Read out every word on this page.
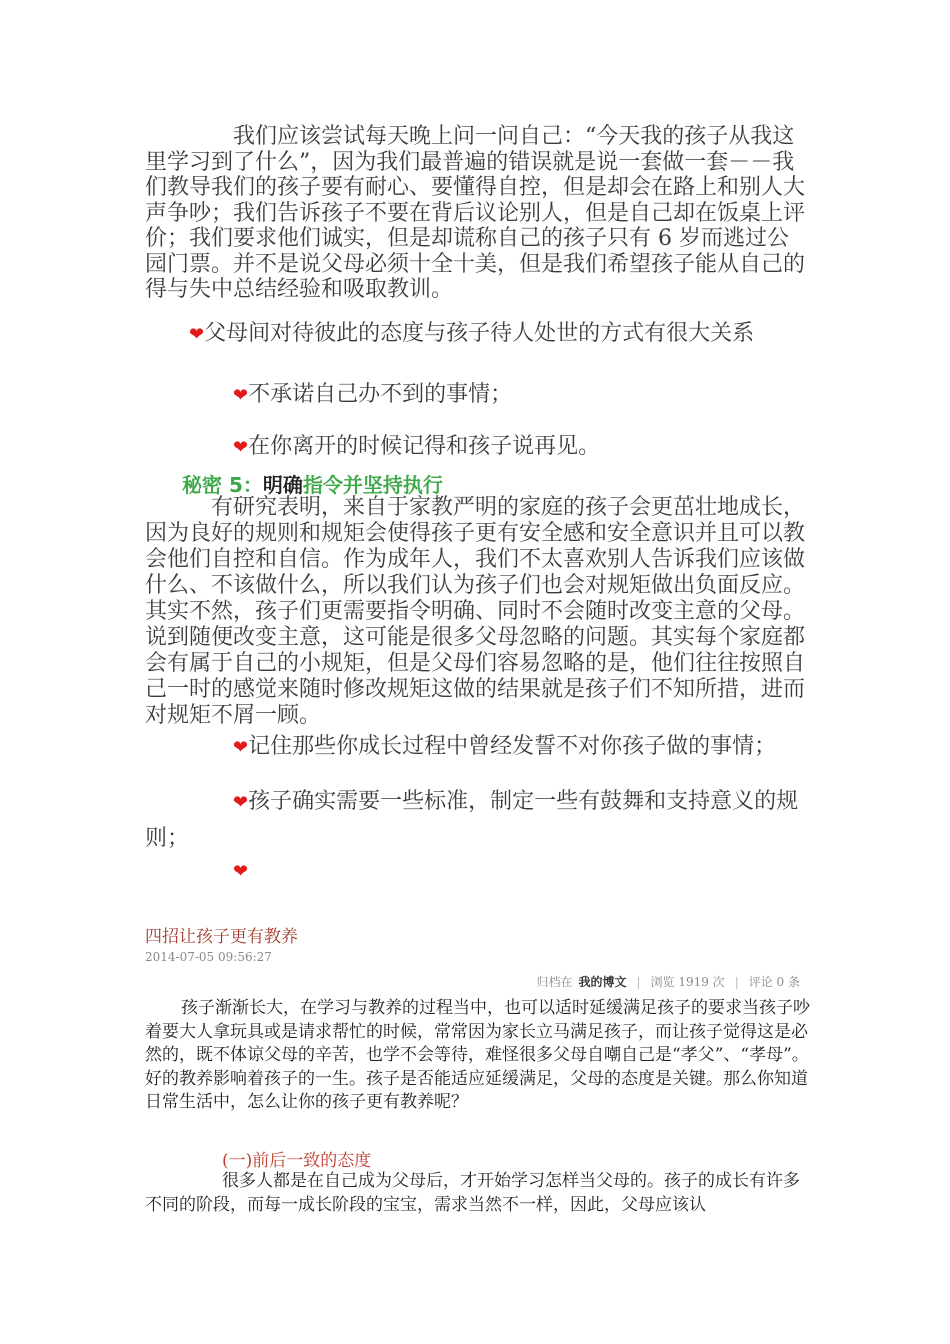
我们应该尝试每天晚上问一问自己：“今天我的孩子从我这里学习到了什么”，因为我们最普遍的错误就是说一套做一套－－我们教导我们的孩子要有耐心、要懂得自控，但是却会在路上和别人大声争吵；我们告诉孩子不要在背后议论别人，但是自己却在饭桌上评价；我们要求他们诚实，但是却谎称自己的孩子只有 6 岁而逃过公园门票。并不是说父母必须十全十美，但是我们希望孩子能从自己的得与失中总结经验和吸取教训。

❤父母间对待彼此的态度与孩子待人处世的方式有很大关系

❤不承诺自己办不到的事情；

❤在你离开的时候记得和孩子说再见。

秘密 5：明确指令并坚持执行

有研究表明，来自于家教严明的家庭的孩子会更茁壮地成长，因为良好的规则和规矩会使得孩子更有安全感和安全意识并且可以教会他们自控和自信。作为成年人，我们不太喜欢别人告诉我们应该做什么、不该做什么，所以我们认为孩子们也会对规矩做出负面反应。其实不然，孩子们更需要指令明确、同时不会随时改变主意的父母。说到随便改变主意，这可能是很多父母忽略的问题。其实每个家庭都会有属于自己的小规矩，但是父母们容易忽略的是，他们往往按照自己一时的感觉来随时修改规矩这做的结果就是孩子们不知所措，进而对规矩不屑一顾。

❤记住那些你成长过程中曾经发誓不对你孩子做的事情；

❤孩子确实需要一些标准，制定一些有鼓舞和支持意义的规则；

❤

四招让孩子更有教养
2014-07-05 09:56:27
归档在 我的博文 | 浏览 1919 次 | 评论 0 条

孩子渐渐长大，在学习与教养的过程当中，也可以适时延缓满足孩子的要求当孩子吵着要大人拿玩具或是请求帮忙的时候，常常因为家长立马满足孩子，而让孩子觉得这是必然的，既不体谅父母的辛苦，也学不会等待，难怪很多父母自嘲自己是“孝父”、“孝母”。好的教养影响着孩子的一生。孩子是否能适应延缓满足，父母的态度是关键。那么你知道日常生活中，怎么让你的孩子更有教养呢？

(一)前后一致的态度

很多人都是在自己成为父母后，才开始学习怎样当父母的。孩子的成长有许多不同的阶段，而每一成长阶段的宝宝，需求当然不一样，因此，父母应该认
